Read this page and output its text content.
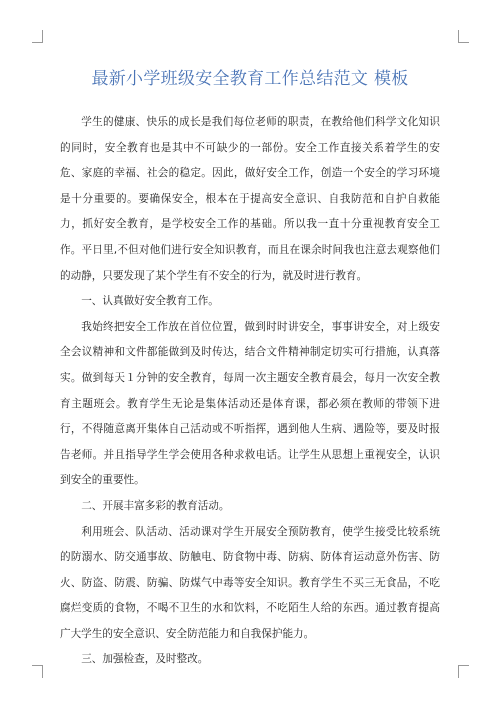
最新小学班级安全教育工作总结范文 模板

学生的健康、快乐的成长是我们每位老师的职责，在教给他们科学文化知识的同时，安全教育也是其中不可缺少的一部份。安全工作直接关系着学生的安危、家庭的幸福、社会的稳定。因此，做好安全工作，创造一个安全的学习环境是十分重要的。要确保安全，根本在于提高安全意识、自我防范和自护自救能力，抓好安全教育，是学校安全工作的基础。所以我一直十分重视教育安全工作。平日里,不但对他们进行安全知识教育，而且在课余时间我也注意去观察他们的动静，只要发现了某个学生有不安全的行为，就及时进行教育。

一、认真做好安全教育工作。

我始终把安全工作放在首位位置，做到时时讲安全，事事讲安全，对上级安全会议精神和文件都能做到及时传达，结合文件精神制定切实可行措施，认真落实。做到每天１分钟的安全教育，每周一次主题安全教育晨会，每月一次安全教育主题班会。教育学生无论是集体活动还是体育课，都必须在教师的带领下进行，不得随意离开集体自己活动或不听指挥，遇到他人生病、遇险等，要及时报告老师。并且指导学生学会使用各种求救电话。让学生从思想上重视安全，认识到安全的重要性。

二、开展丰富多彩的教育活动。

利用班会、队活动、活动课对学生开展安全预防教育，使学生接受比较系统的防溺水、防交通事故、防触电、防食物中毒、防病、防体育运动意外伤害、防火、防盗、防震、防骗、防煤气中毒等安全知识。教育学生不买三无食品，不吃腐烂变质的食物，不喝不卫生的水和饮料，不吃陌生人给的东西。通过教育提高广大学生的安全意识、安全防范能力和自我保护能力。

三、加强检查，及时整改。
